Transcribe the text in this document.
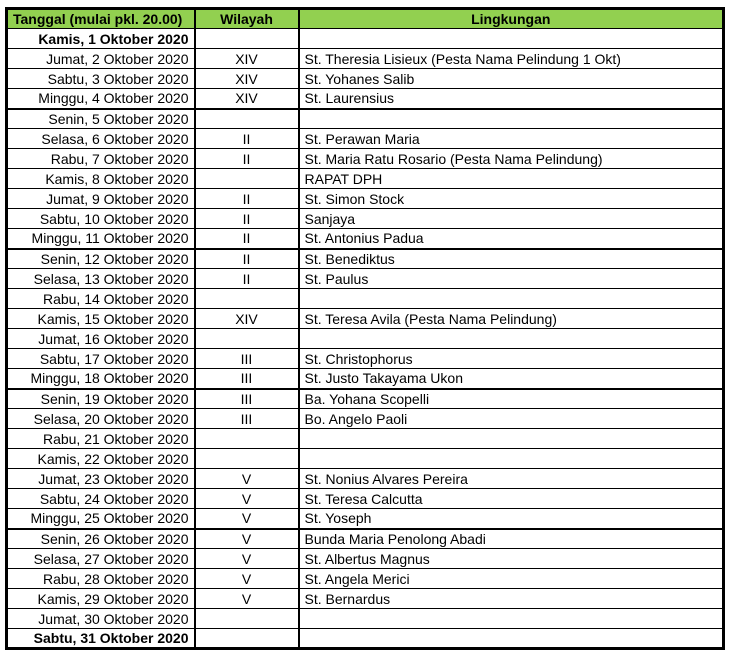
Tanggal (mulai pkl. 20.00)	Wilayah	Lingkungan
Kamis, 1 Oktober 2020		
Jumat, 2 Oktober 2020	XIV	St. Theresia Lisieux (Pesta Nama Pelindung 1 Okt)
Sabtu, 3 Oktober 2020	XIV	St. Yohanes Salib
Minggu, 4 Oktober 2020	XIV	St. Laurensius
Senin, 5 Oktober 2020		
Selasa, 6 Oktober 2020	II	St. Perawan Maria
Rabu, 7 Oktober 2020	II	St. Maria Ratu Rosario (Pesta Nama Pelindung)
Kamis, 8 Oktober 2020		RAPAT DPH
Jumat, 9 Oktober 2020	II	St. Simon Stock
Sabtu, 10 Oktober 2020	II	Sanjaya
Minggu, 11 Oktober 2020	II	St. Antonius Padua
Senin, 12 Oktober 2020	II	St. Benediktus
Selasa, 13 Oktober 2020	II	St. Paulus
Rabu, 14 Oktober 2020		
Kamis, 15 Oktober 2020	XIV	St. Teresa Avila (Pesta Nama Pelindung)
Jumat, 16 Oktober 2020		
Sabtu, 17 Oktober 2020	III	St. Christophorus
Minggu, 18 Oktober 2020	III	St. Justo Takayama Ukon
Senin, 19 Oktober 2020	III	Ba. Yohana Scopelli
Selasa, 20 Oktober 2020	III	Bo. Angelo Paoli
Rabu, 21 Oktober 2020		
Kamis, 22 Oktober 2020		
Jumat, 23 Oktober 2020	V	St. Nonius Alvares Pereira
Sabtu, 24 Oktober 2020	V	St. Teresa Calcutta
Minggu, 25 Oktober 2020	V	St. Yoseph
Senin, 26 Oktober 2020	V	Bunda Maria Penolong Abadi
Selasa, 27 Oktober 2020	V	St. Albertus Magnus
Rabu, 28 Oktober 2020	V	St. Angela Merici
Kamis, 29 Oktober 2020	V	St. Bernardus
Jumat, 30 Oktober 2020		
Sabtu, 31 Oktober 2020		
